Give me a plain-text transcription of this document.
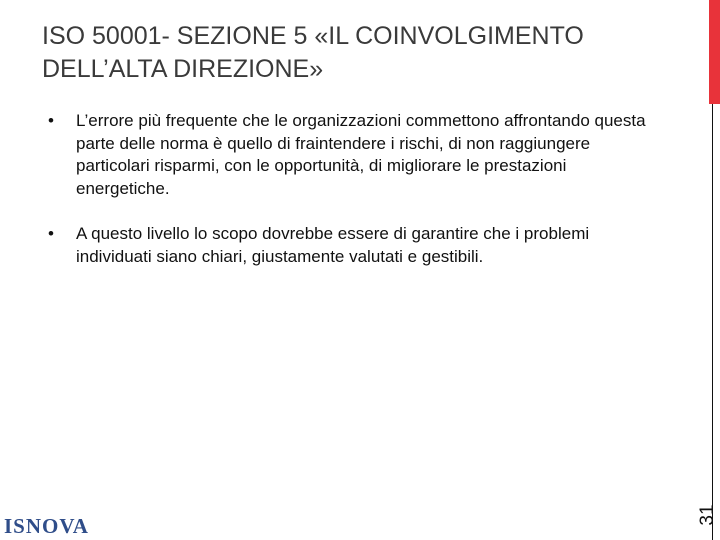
ISO 50001- SEZIONE 5 «IL COINVOLGIMENTO
DELL’ALTA DIREZIONE»
•	L’errore più frequente che le organizzazioni commettono affrontando questa parte delle norma è quello di fraintendere i rischi, di non raggiungere particolari risparmi, con le opportunità, di migliorare le prestazioni energetiche.
•	A questo livello lo scopo dovrebbe essere di garantire che i problemi individuati siano chiari, giustamente valutati e gestibili.
31
ISNOVA
